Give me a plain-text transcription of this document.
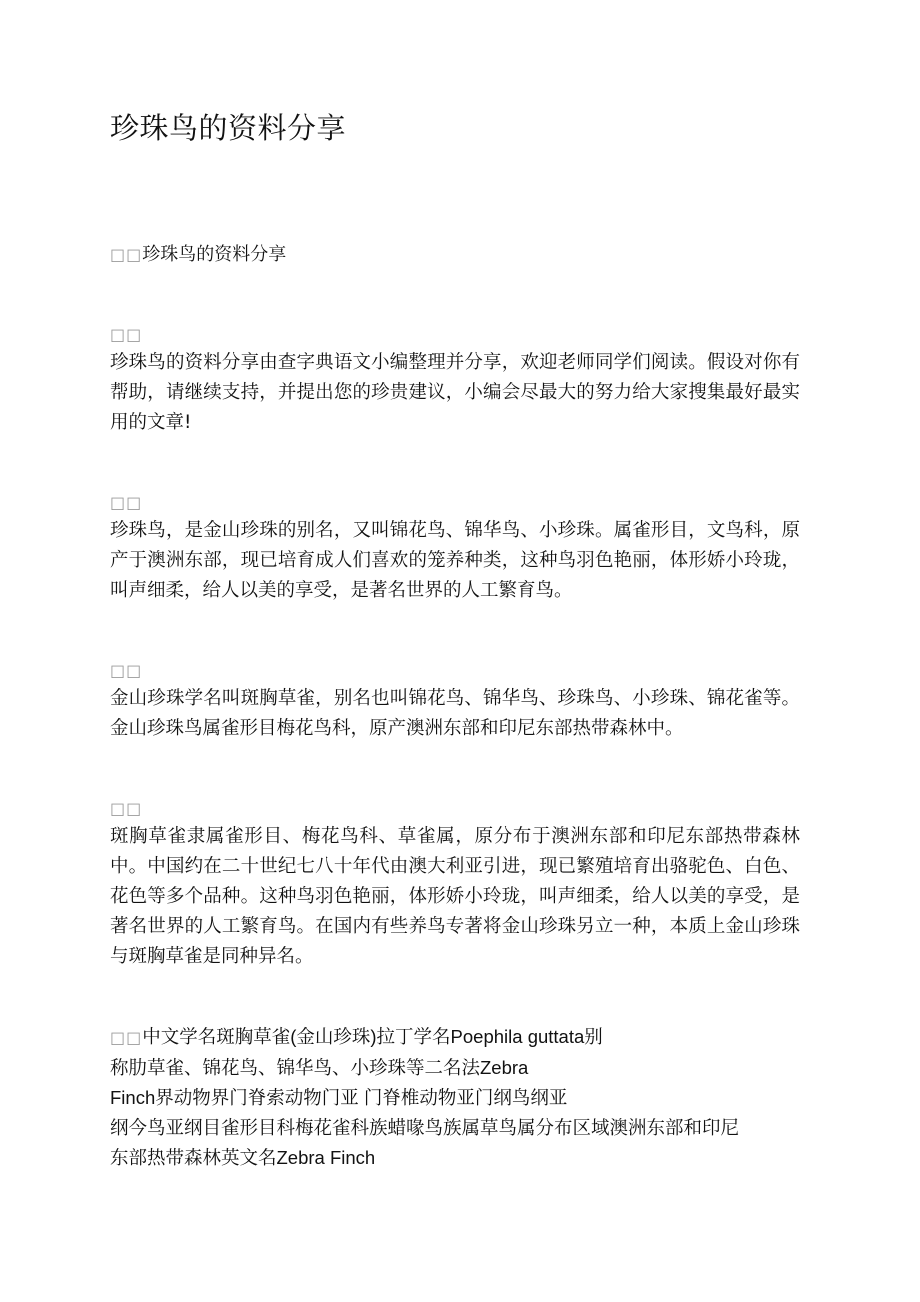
珍珠鸟的资料分享
□□珍珠鸟的资料分享
□□
珍珠鸟的资料分享由查字典语文小编整理并分享，欢迎老师同学们阅读。假设对你有帮助，请继续支持，并提出您的珍贵建议，小编会尽最大的努力给大家搜集最好最实用的文章!
□□
珍珠鸟，是金山珍珠的别名，又叫锦花鸟、锦华鸟、小珍珠。属雀形目，文鸟科，原产于澳洲东部，现已培育成人们喜欢的笼养种类，这种鸟羽色艳丽，体形娇小玲珑，叫声细柔，给人以美的享受，是著名世界的人工繁育鸟。
□□
金山珍珠学名叫斑胸草雀，别名也叫锦花鸟、锦华鸟、珍珠鸟、小珍珠、锦花雀等。金山珍珠鸟属雀形目梅花鸟科，原产澳洲东部和印尼东部热带森林中。
□□
斑胸草雀隶属雀形目、梅花鸟科、草雀属，原分布于澳洲东部和印尼东部热带森林中。中国约在二十世纪七八十年代由澳大利亚引进，现已繁殖培育出骆驼色、白色、花色等多个品种。这种鸟羽色艳丽，体形娇小玲珑，叫声细柔，给人以美的享受，是著名世界的人工繁育鸟。在国内有些养鸟专著将金山珍珠另立一种，本质上金山珍珠与斑胸草雀是同种异名。
□□中文学名斑胸草雀(金山珍珠)拉丁学名Poephila guttata别
称肋草雀、锦花鸟、锦华鸟、小珍珠等二名法Zebra
Finch界动物界门脊索动物门亚 门脊椎动物亚门纲鸟纲亚
纲今鸟亚纲目雀形目科梅花雀科族蜡喙鸟族属草鸟属分布区域澳洲东部和印尼
东部热带森林英文名Zebra Finch
